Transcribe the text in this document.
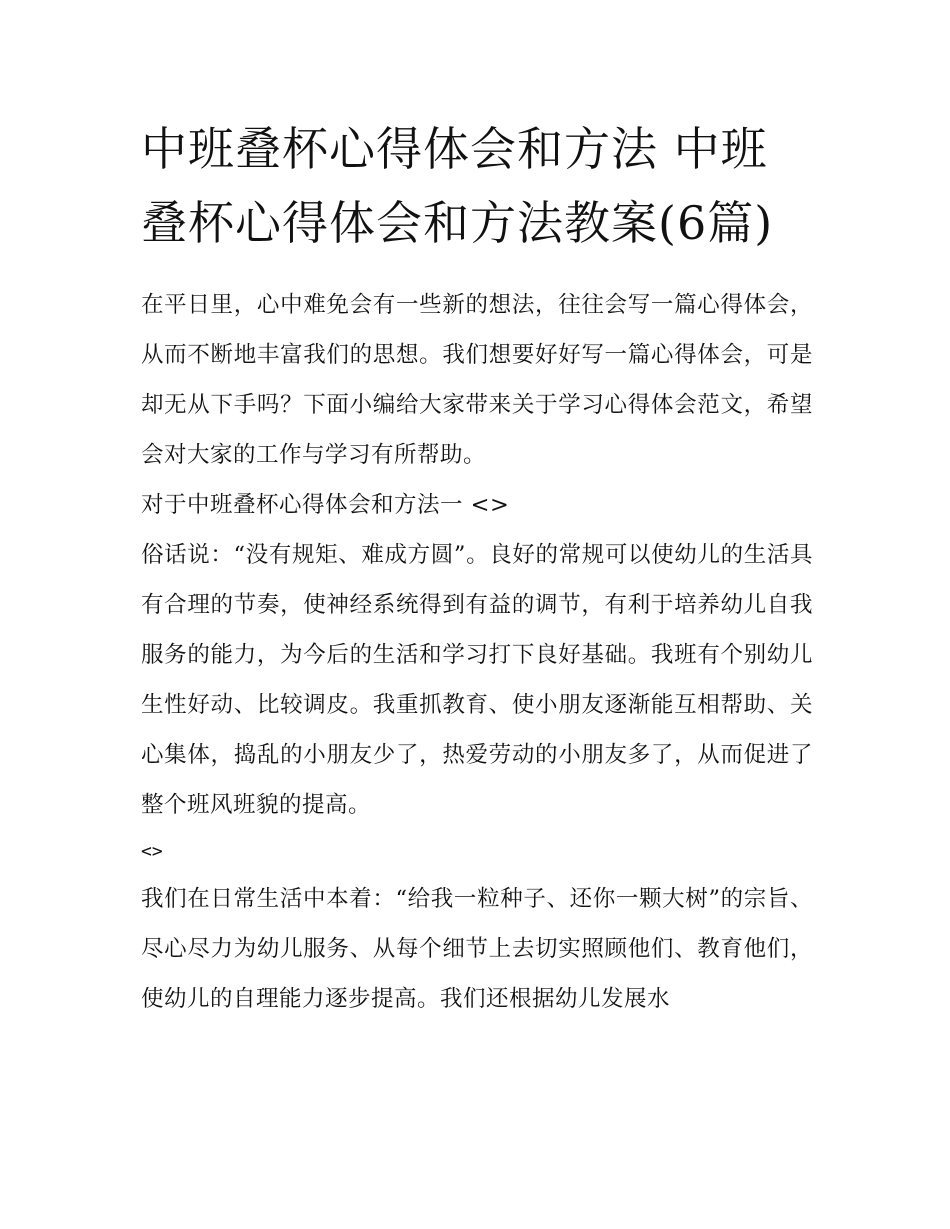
中班叠杯心得体会和方法 中班叠杯心得体会和方法教案(6篇)

在平日里，心中难免会有一些新的想法，往往会写一篇心得体会，从而不断地丰富我们的思想。我们想要好好写一篇心得体会，可是却无从下手吗？下面小编给大家带来关于学习心得体会范文，希望会对大家的工作与学习有所帮助。

对于中班叠杯心得体会和方法一 <>

俗话说：“没有规矩、难成方圆”。良好的常规可以使幼儿的生活具有合理的节奏，使神经系统得到有益的调节，有利于培养幼儿自我服务的能力，为今后的生活和学习打下良好基础。我班有个别幼儿生性好动、比较调皮。我重抓教育、使小朋友逐渐能互相帮助、关心集体，捣乱的小朋友少了，热爱劳动的小朋友多了，从而促进了整个班风班貌的提高。

<>

我们在日常生活中本着：“给我一粒种子、还你一颗大树”的宗旨、尽心尽力为幼儿服务、从每个细节上去切实照顾他们、教育他们，使幼儿的自理能力逐步提高。我们还根据幼儿发展水
